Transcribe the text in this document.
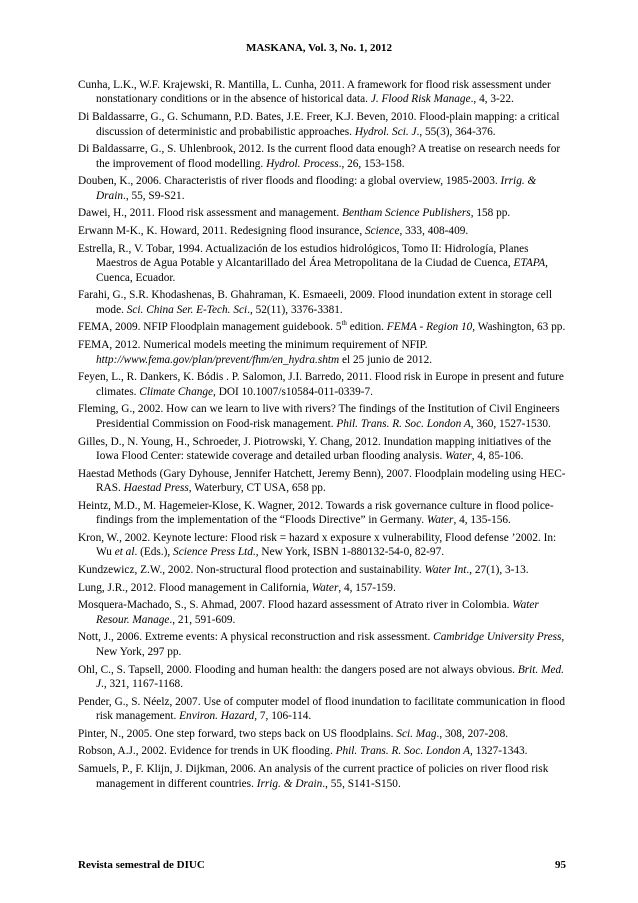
MASKANA, Vol. 3, No. 1, 2012

Cunha, L.K., W.F. Krajewski, R. Mantilla, L. Cunha, 2011. A framework for flood risk assessment under nonstationary conditions or in the absence of historical data. J. Flood Risk Manage., 4, 3-22.

Di Baldassarre, G., G. Schumann, P.D. Bates, J.E. Freer, K.J. Beven, 2010. Flood-plain mapping: a critical discussion of deterministic and probabilistic approaches. Hydrol. Sci. J., 55(3), 364-376.

Di Baldassarre, G., S. Uhlenbrook, 2012. Is the current flood data enough? A treatise on research needs for the improvement of flood modelling. Hydrol. Process., 26, 153-158.

Douben, K., 2006. Characteristis of river floods and flooding: a global overview, 1985-2003. Irrig. & Drain., 55, S9-S21.

Dawei, H., 2011. Flood risk assessment and management. Bentham Science Publishers, 158 pp.

Erwann M-K., K. Howard, 2011. Redesigning flood insurance, Science, 333, 408-409.

Estrella, R., V. Tobar, 1994. Actualización de los estudios hidrológicos, Tomo II: Hidrología, Planes Maestros de Agua Potable y Alcantarillado del Área Metropolitana de la Ciudad de Cuenca, ETAPA, Cuenca, Ecuador.

Farahi, G., S.R. Khodashenas, B. Ghahraman, K. Esmaeeli, 2009. Flood inundation extent in storage cell mode. Sci. China Ser. E-Tech. Sci., 52(11), 3376-3381.

FEMA, 2009. NFIP Floodplain management guidebook. 5th edition. FEMA - Region 10, Washington, 63 pp.

FEMA, 2012. Numerical models meeting the minimum requirement of NFIP. http://www.fema.gov/plan/prevent/fhm/en_hydra.shtm el 25 junio de 2012.

Feyen, L., R. Dankers, K. Bódis . P. Salomon, J.I. Barredo, 2011. Flood risk in Europe in present and future climates. Climate Change, DOI 10.1007/s10584-011-0339-7.

Fleming, G., 2002. How can we learn to live with rivers? The findings of the Institution of Civil Engineers Presidential Commission on Food-risk management. Phil. Trans. R. Soc. London A, 360, 1527-1530.

Gilles, D., N. Young, H., Schroeder, J. Piotrowski, Y. Chang, 2012. Inundation mapping initiatives of the Iowa Flood Center: statewide coverage and detailed urban flooding analysis. Water, 4, 85-106.

Haestad Methods (Gary Dyhouse, Jennifer Hatchett, Jeremy Benn), 2007. Floodplain modeling using HEC-RAS. Haestad Press, Waterbury, CT USA, 658 pp.

Heintz, M.D., M. Hagemeier-Klose, K. Wagner, 2012. Towards a risk governance culture in flood police-findings from the implementation of the “Floods Directive” in Germany. Water, 4, 135-156.

Kron, W., 2002. Keynote lecture: Flood risk = hazard x exposure x vulnerability, Flood defense ’2002. In: Wu et al. (Eds.), Science Press Ltd., New York, ISBN 1-880132-54-0, 82-97.

Kundzewicz, Z.W., 2002. Non-structural flood protection and sustainability. Water Int., 27(1), 3-13.

Lung, J.R., 2012. Flood management in California, Water, 4, 157-159.

Mosquera-Machado, S., S. Ahmad, 2007. Flood hazard assessment of Atrato river in Colombia. Water Resour. Manage., 21, 591-609.

Nott, J., 2006. Extreme events: A physical reconstruction and risk assessment. Cambridge University Press, New York, 297 pp.

Ohl, C., S. Tapsell, 2000. Flooding and human health: the dangers posed are not always obvious. Brit. Med. J., 321, 1167-1168.

Pender, G., S. Néelz, 2007. Use of computer model of flood inundation to facilitate communication in flood risk management. Environ. Hazard, 7, 106-114.

Pinter, N., 2005. One step forward, two steps back on US floodplains. Sci. Mag., 308, 207-208.

Robson, A.J., 2002. Evidence for trends in UK flooding. Phil. Trans. R. Soc. London A, 1327-1343.

Samuels, P., F. Klijn, J. Dijkman, 2006. An analysis of the current practice of policies on river flood risk management in different countries. Irrig. & Drain., 55, S141-S150.

Revista semestral de DIUC	95
